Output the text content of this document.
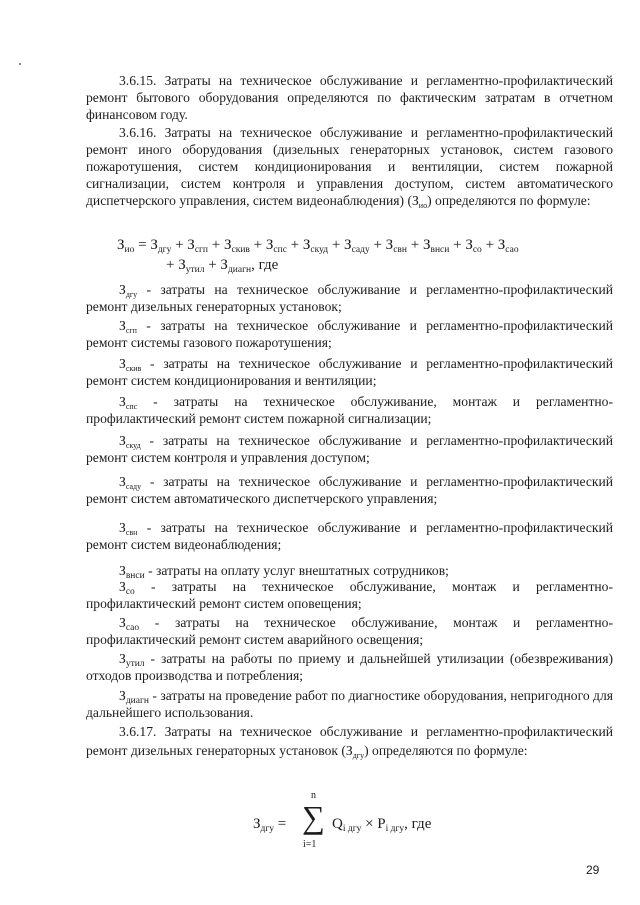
3.6.15. Затраты на техническое обслуживание и регламентно-профилактический ремонт бытового оборудования определяются по фактическим затратам в отчетном финансовом году.

3.6.16. Затраты на техническое обслуживание и регламентно-профилактический ремонт иного оборудования (дизельных генераторных установок, систем газового пожаротушения, систем кондиционирования и вентиляции, систем пожарной сигнализации, систем контроля и управления доступом, систем автоматического диспетчерского управления, систем видеонаблюдения) $(З_{ио})$ определяются по формуле:

$З_{ио} = З_{дгу} + З_{сгп} + З_{скив} + З_{спс} + З_{скуд} + З_{саду} + З_{свн} + З_{внси} + З_{со} + З_{сао}$
+ $З_{утил} + З_{диагн}$, где

$З_{дгу}$ - затраты на техническое обслуживание и регламентно-профилактический ремонт дизельных генераторных установок;

$З_{сгп}$ - затраты на техническое обслуживание и регламентно-профилактический ремонт системы газового пожаротушения;

$З_{скив}$ - затраты на техническое обслуживание и регламентно-профилактический ремонт систем кондиционирования и вентиляции;

$З_{спс}$ - затраты на техническое обслуживание, монтаж и регламентно-профилактический ремонт систем пожарной сигнализации;

$З_{скуд}$ - затраты на техническое обслуживание и регламентно-профилактический ремонт систем контроля и управления доступом;

$З_{саду}$ - затраты на техническое обслуживание и регламентно-профилактический ремонт систем автоматического диспетчерского управления;

$З_{свн}$ - затраты на техническое обслуживание и регламентно-профилактический ремонт систем видеонаблюдения;

$З_{внси}$ - затраты на оплату услуг внештатных сотрудников;

$З_{со}$ - затраты на техническое обслуживание, монтаж и регламентно-профилактический ремонт систем оповещения;

$З_{сао}$ - затраты на техническое обслуживание, монтаж и регламентно-профилактический ремонт систем аварийного освещения;

$З_{утил}$ - затраты на работы по приему и дальнейшей утилизации (обезвреживания) отходов производства и потребления;

$З_{диагн}$ - затраты на проведение работ по диагностике оборудования, непригодного для дальнейшего использования.

3.6.17. Затраты на техническое обслуживание и регламентно-профилактический ремонт дизельных генераторных установок $(З_{дгу})$ определяются по формуле:

$З_{дгу}$ =
n
∑
i=1
$Q_{i дгу} \times P_{i дгу}$, где
29
